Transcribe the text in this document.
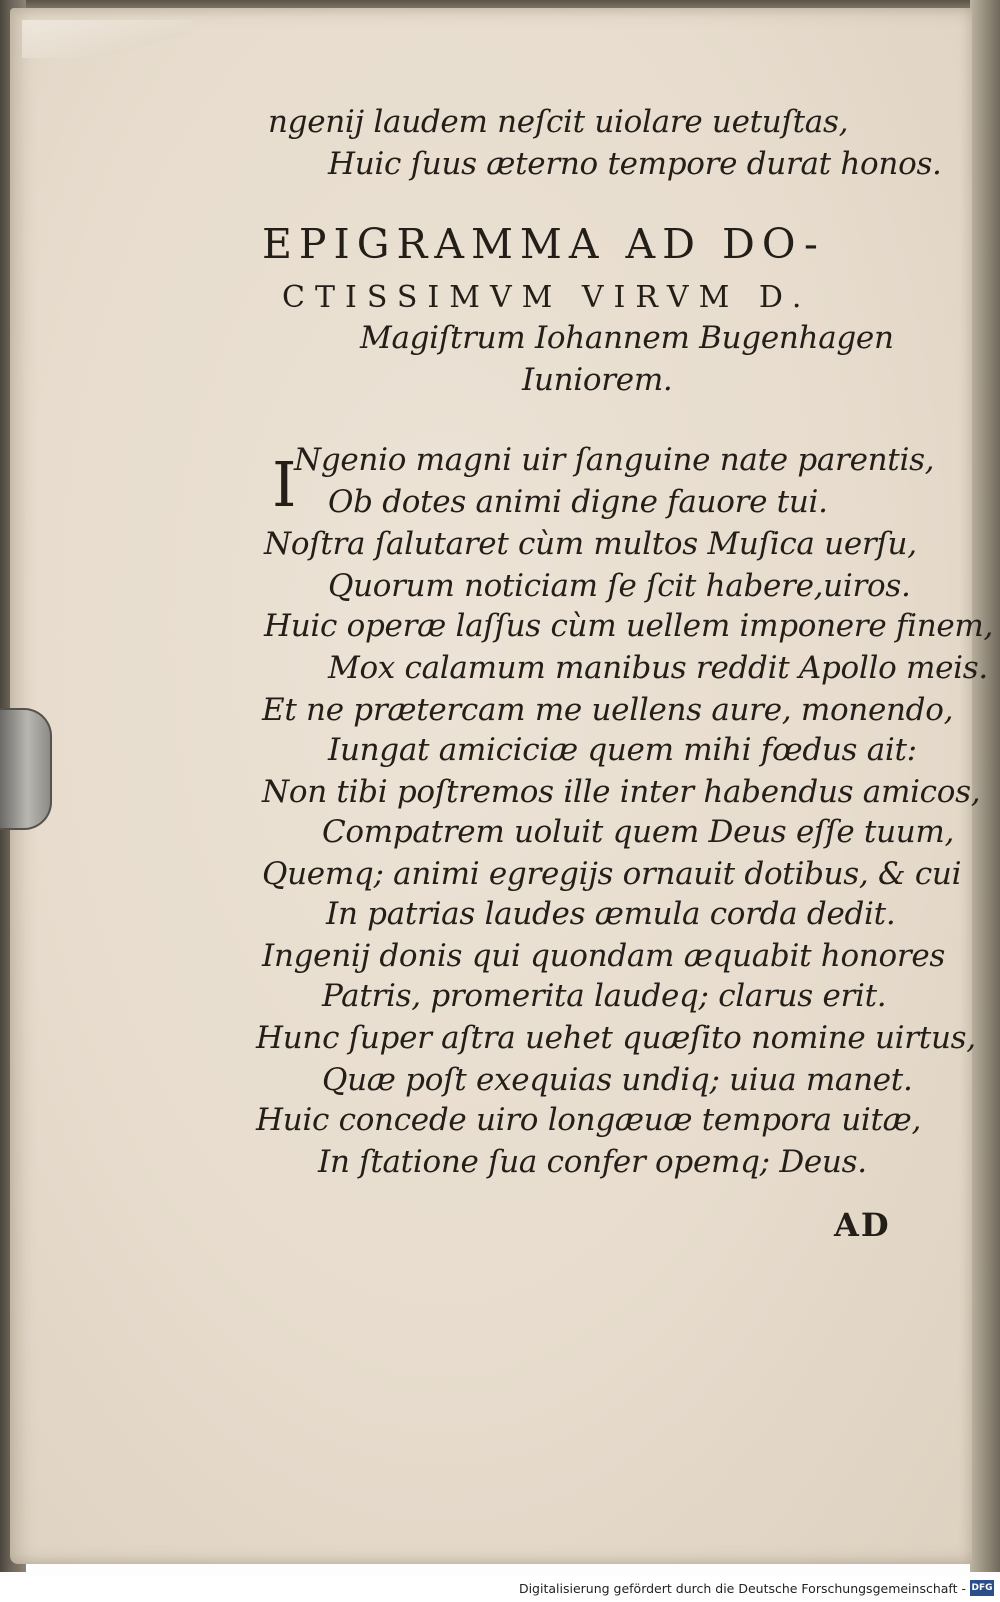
ngenij laudem neſcit uiolare uetuſtas,
Huic ſuus æterno tempore durat honos.
EPIGRAMMA AD DO-
CTISSIMVM VIRVM D.
Magiſtrum Iohannem Bugenhagen
Iuniorem.
I
Ngenio magni uir ſanguine nate parentis,
Ob dotes animi digne fauore tui.
Noſtra ſalutaret cùm multos Muſica uerſu,
Quorum noticiam ſe ſcit habere,uiros.
Huic operæ laſſus cùm uellem imponere finem,
Mox calamum manibus reddit Apollo meis.
Et ne prætercam me uellens aure, monendo,
Iungat amiciciæ quem mihi fœdus ait:
Non tibi poſtremos ille inter habendus amicos,
Compatrem uoluit quem Deus eſſe tuum,
Quemq; animi egregijs ornauit dotibus, & cui
In patrias laudes æmula corda dedit.
Ingenij donis qui quondam æquabit honores
Patris, promerita laudeq; clarus erit.
Hunc ſuper aſtra uehet quæſito nomine uirtus,
Quæ poſt exequias undiq; uiua manet.
Huic concede uiro longæuæ tempora uitæ,
In ſtatione ſua confer opemq; Deus.
AD
Digitalisierung gefördert durch die Deutsche Forschungsgemeinschaft - DFG
